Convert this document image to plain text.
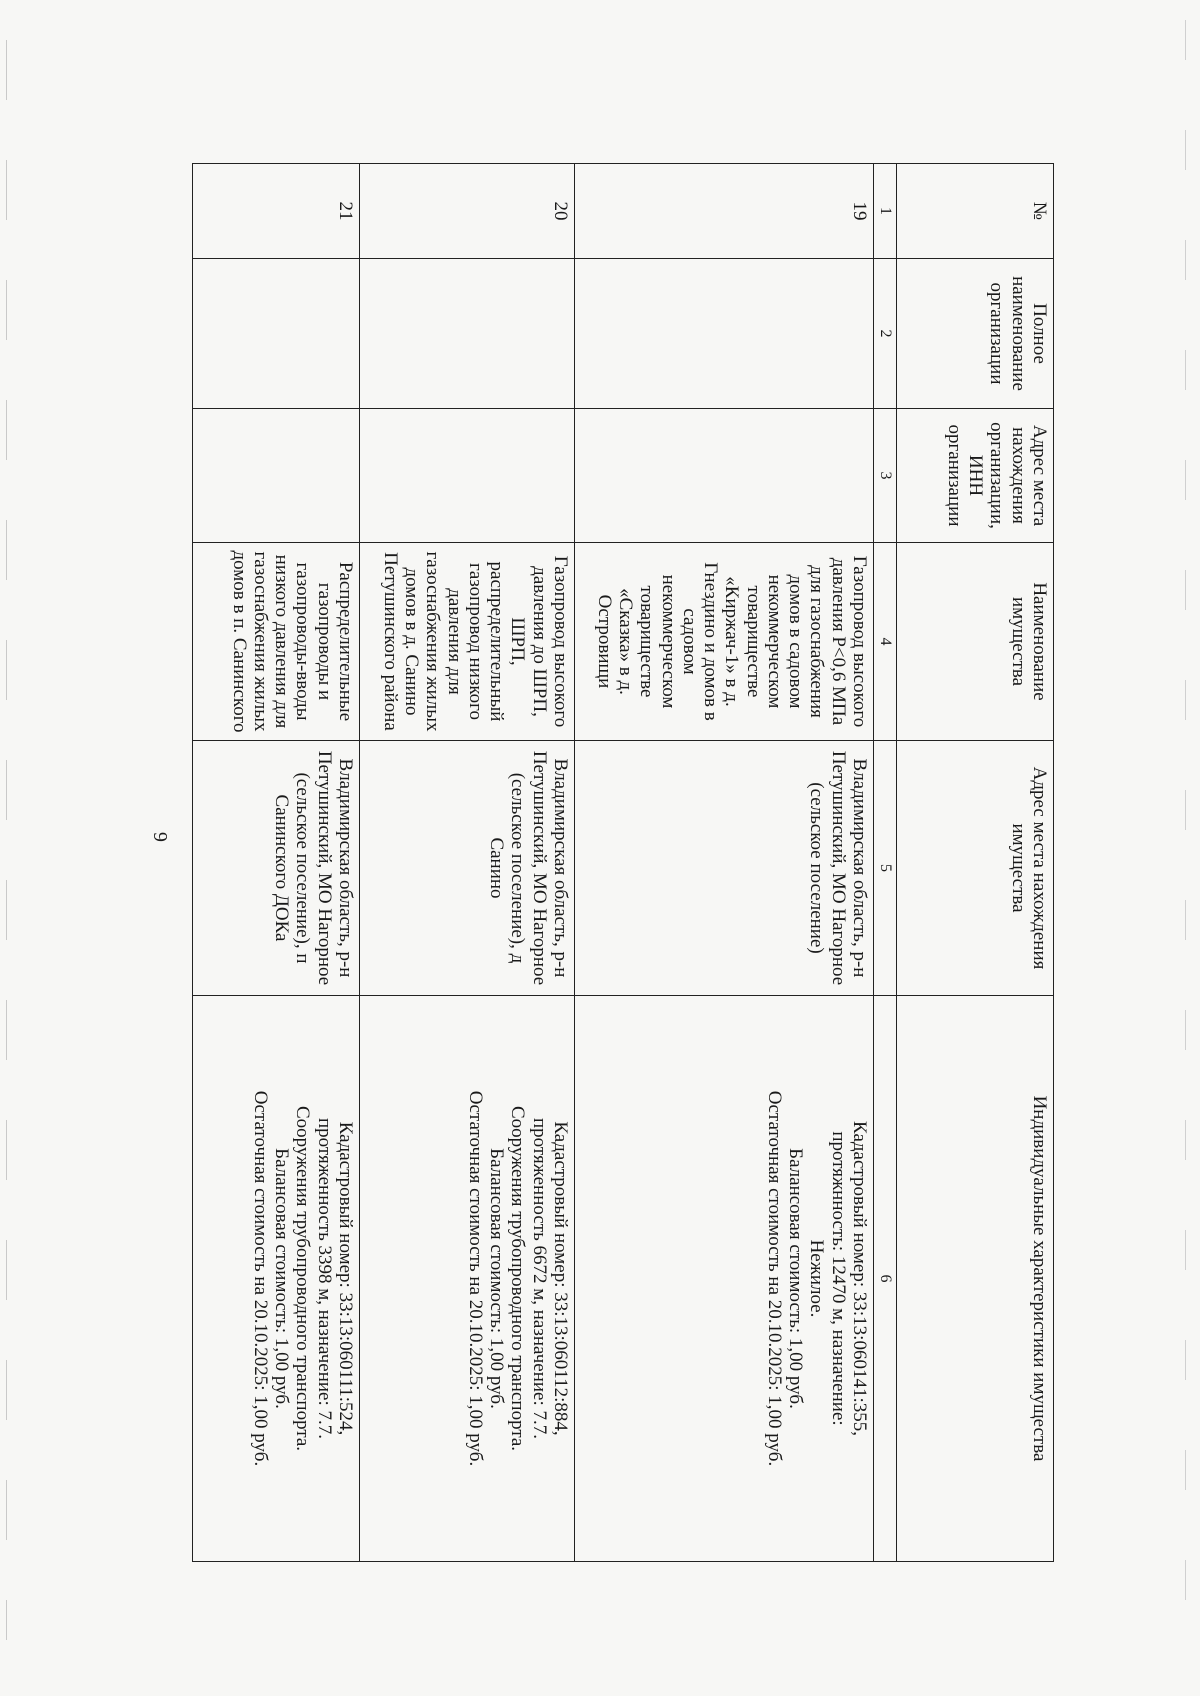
6
№	Полное наименование организации	Адрес места нахождения организации, ИНН организации	Наименование имущества	Адрес места нахождения имущества	Индивидуальные характеристики имущества
1	2	3	4	5	6
19			Газопровод высокого давления Р<0,6 МПа для газоснабжения домов в садовом некоммерческом товариществе «Киржач-1» в д. Гнездино и домов в садовом некоммерческом товариществе «Сказка» в д. Островищи	Владимирская область, р-н Петушинский, МО Нагорное (сельское поселение)	Кадастровый номер: 33:13:060141:355,
протяжнность: 12470 м, назначение:
Нежилое.
Балансовая стоимость: 1,00 руб.
Остаточная стоимость на 20.10.2025: 1,00 руб.

20			Газопровод высокого давления до ШРП, ШРП, распределительный газопровод низкого давления для газоснабжения жилых домов в д. Санино Петушинского района	Владимирская область, р-н Петушинский, МО Нагорное (сельское поселение), д Санино	Кадастровый номер: 33:13:060112:884,
протяженность 6672 м, назначение: 7.7.
Сооружения трубопроводного транспорта.
Балансовая стоимость: 1,00 руб.
Остаточная стоимость на 20.10.2025: 1,00 руб.

21			Распределительные газопроводы и газопроводы-вводы низкого давления для газоснабжения жилых домов в п. Санинского	Владимирская область, р-н Петушинский, МО Нагорное (сельское поселение), п Санинского ДОКа	Кадастровый номер: 33:13:060111:524,
протяженность 3398 м, назначение: 7.7.
Сооружения трубопроводного транспорта.
Балансовая стоимость: 1,00 руб.
Остаточная стоимость на 20.10.2025: 1,00 руб.
